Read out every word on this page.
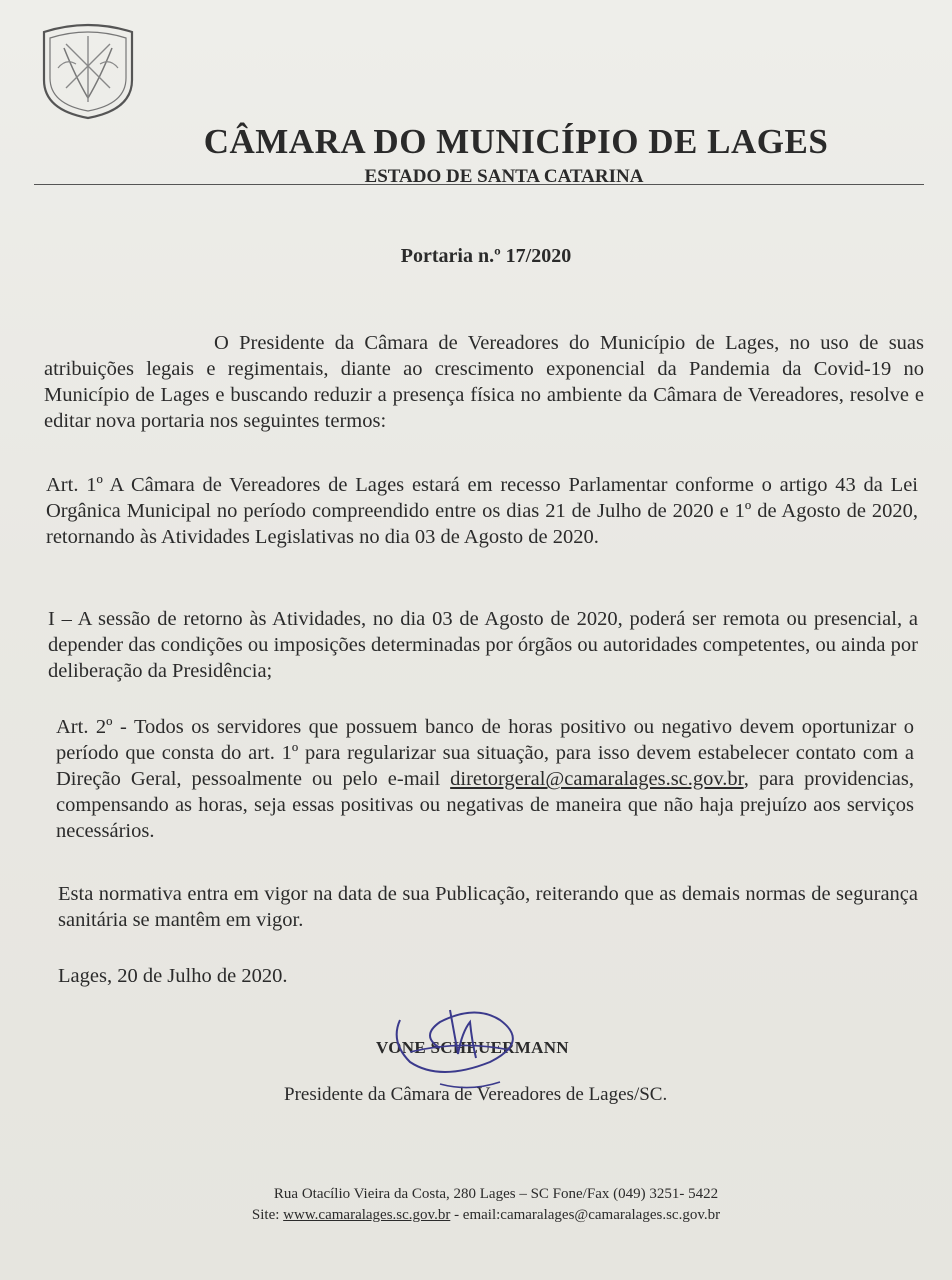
CÂMARA DO MUNICÍPIO DE LAGES
ESTADO DE SANTA CATARINA
Portaria n.º 17/2020
O Presidente da Câmara de Vereadores do Município de Lages, no uso de suas atribuições legais e regimentais, diante ao crescimento exponencial da Pandemia da Covid-19 no Município de Lages e buscando reduzir a presença física no ambiente da Câmara de Vereadores, resolve e editar nova portaria nos seguintes termos:
Art. 1º A Câmara de Vereadores de Lages estará em recesso Parlamentar conforme o artigo 43 da Lei Orgânica Municipal no período compreendido entre os dias 21 de Julho de 2020 e 1º de Agosto de 2020, retornando às Atividades Legislativas no dia 03 de Agosto de 2020.
I – A sessão de retorno às Atividades, no dia 03 de Agosto de 2020, poderá ser remota ou presencial, a depender das condições ou imposições determinadas por órgãos ou autoridades competentes, ou ainda por deliberação da Presidência;
Art. 2º - Todos os servidores que possuem banco de horas positivo ou negativo devem oportunizar o período que consta do art. 1º para regularizar sua situação, para isso devem estabelecer contato com a Direção Geral, pessoalmente ou pelo e-mail diretorgeral@camaralages.sc.gov.br, para providencias, compensando as horas, seja essas positivas ou negativas de maneira que não haja prejuízo aos serviços necessários.
Esta normativa entra em vigor na data de sua Publicação, reiterando que as demais normas de segurança sanitária se mantêm em vigor.
Lages, 20 de Julho de 2020.
VONE SCHEUERMANN
Presidente da Câmara de Vereadores de Lages/SC.
Rua Otacílio Vieira da Costa, 280 Lages – SC Fone/Fax (049) 3251- 5422
Site: www.camaralages.sc.gov.br - email:camaralages@camaralages.sc.gov.br
